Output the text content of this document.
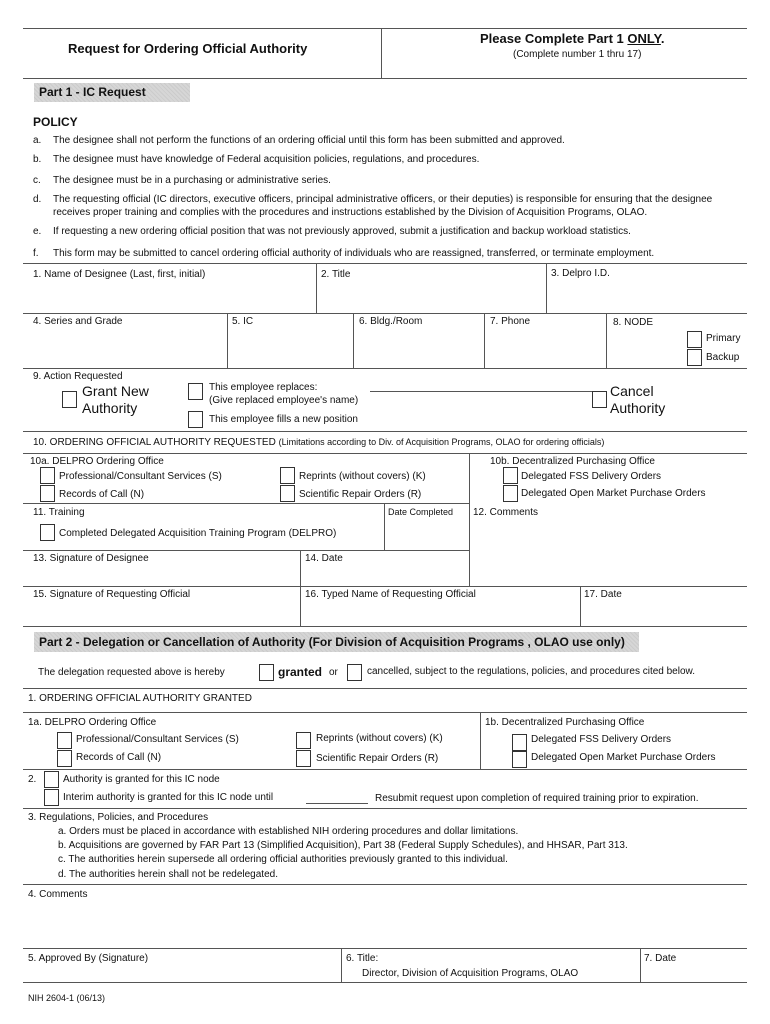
Request for Ordering Official Authority
Please Complete Part 1 ONLY.
(Complete number 1 thru 17)
Part 1 - IC Request
POLICY
a. The designee shall not perform the functions of an ordering official until this form has been submitted and approved.
b. The designee must have knowledge of Federal acquisition policies, regulations, and procedures.
c. The designee must be in a purchasing or administrative series.
d. The requesting official (IC directors, executive officers, principal administrative officers, or their deputies) is responsible for ensuring that the designee
receives proper training and complies with the procedures and instructions established by the Division of Acquisition Programs, OLAO.
e. If requesting a new ordering official position that was not previously approved, submit a justification and backup workload statistics.
f. This form may be submitted to cancel ordering official authority of individuals who are reassigned, transferred, or terminate employment.
1. Name of Designee (Last, first, initial)	2. Title	3. Delpro I.D.
4. Series and Grade	5. IC	6. Bldg./Room	7. Phone	8. NODE
Primary
Backup
9. Action Requested
Grant New
Authority
This employee replaces:
(Give replaced employee's name)
This employee fills a new position
Cancel
Authority
10. ORDERING OFFICIAL AUTHORITY REQUESTED (Limitations according to Div. of Acquisition Programs, OLAO for ordering officials)
10a. DELPRO Ordering Office	10b. Decentralized Purchasing Office
Professional/Consultant Services (S)
Records of Call (N)
Reprints (without covers) (K)
Scientific Repair Orders (R)
Delegated FSS Delivery Orders
Delegated Open Market Purchase Orders
11. Training	Date Completed 12. Comments
Completed Delegated Acquisition Training Program (DELPRO)
13. Signature of Designee	14. Date
15. Signature of Requesting Official	16. Typed Name of Requesting Official	17. Date
Part 2 - Delegation or Cancellation of Authority (For Division of Acquisition Programs , OLAO use only)
The delegation requested above is hereby	granted or	cancelled, subject to the regulations, policies, and procedures cited below.
1. ORDERING OFFICIAL AUTHORITY GRANTED
1a. DELPRO Ordering Office	1b. Decentralized Purchasing Office
Professional/Consultant Services (S)
Records of Call (N)
Reprints (without covers) (K)
Scientific Repair Orders (R)
Delegated FSS Delivery Orders
Delegated Open Market Purchase Orders
2.	Authority is granted for this IC node
Interim authority is granted for this IC node until	Resubmit request upon completion of required training prior to expiration.
3. Regulations, Policies, and Procedures
a. Orders must be placed in accordance with established NIH ordering procedures and dollar limitations.
b. Acquisitions are governed by FAR Part 13 (Simplified Acquisition), Part 38 (Federal Supply Schedules), and HHSAR, Part 313.
c. The authorities herein supersede all ordering official authorities previously granted to this individual.
d. The authorities herein shall not be redelegated.
4. Comments
5. Approved By (Signature)	6. Title:
Director, Division of Acquisition Programs, OLAO
7. Date
NIH 2604-1 (06/13)
